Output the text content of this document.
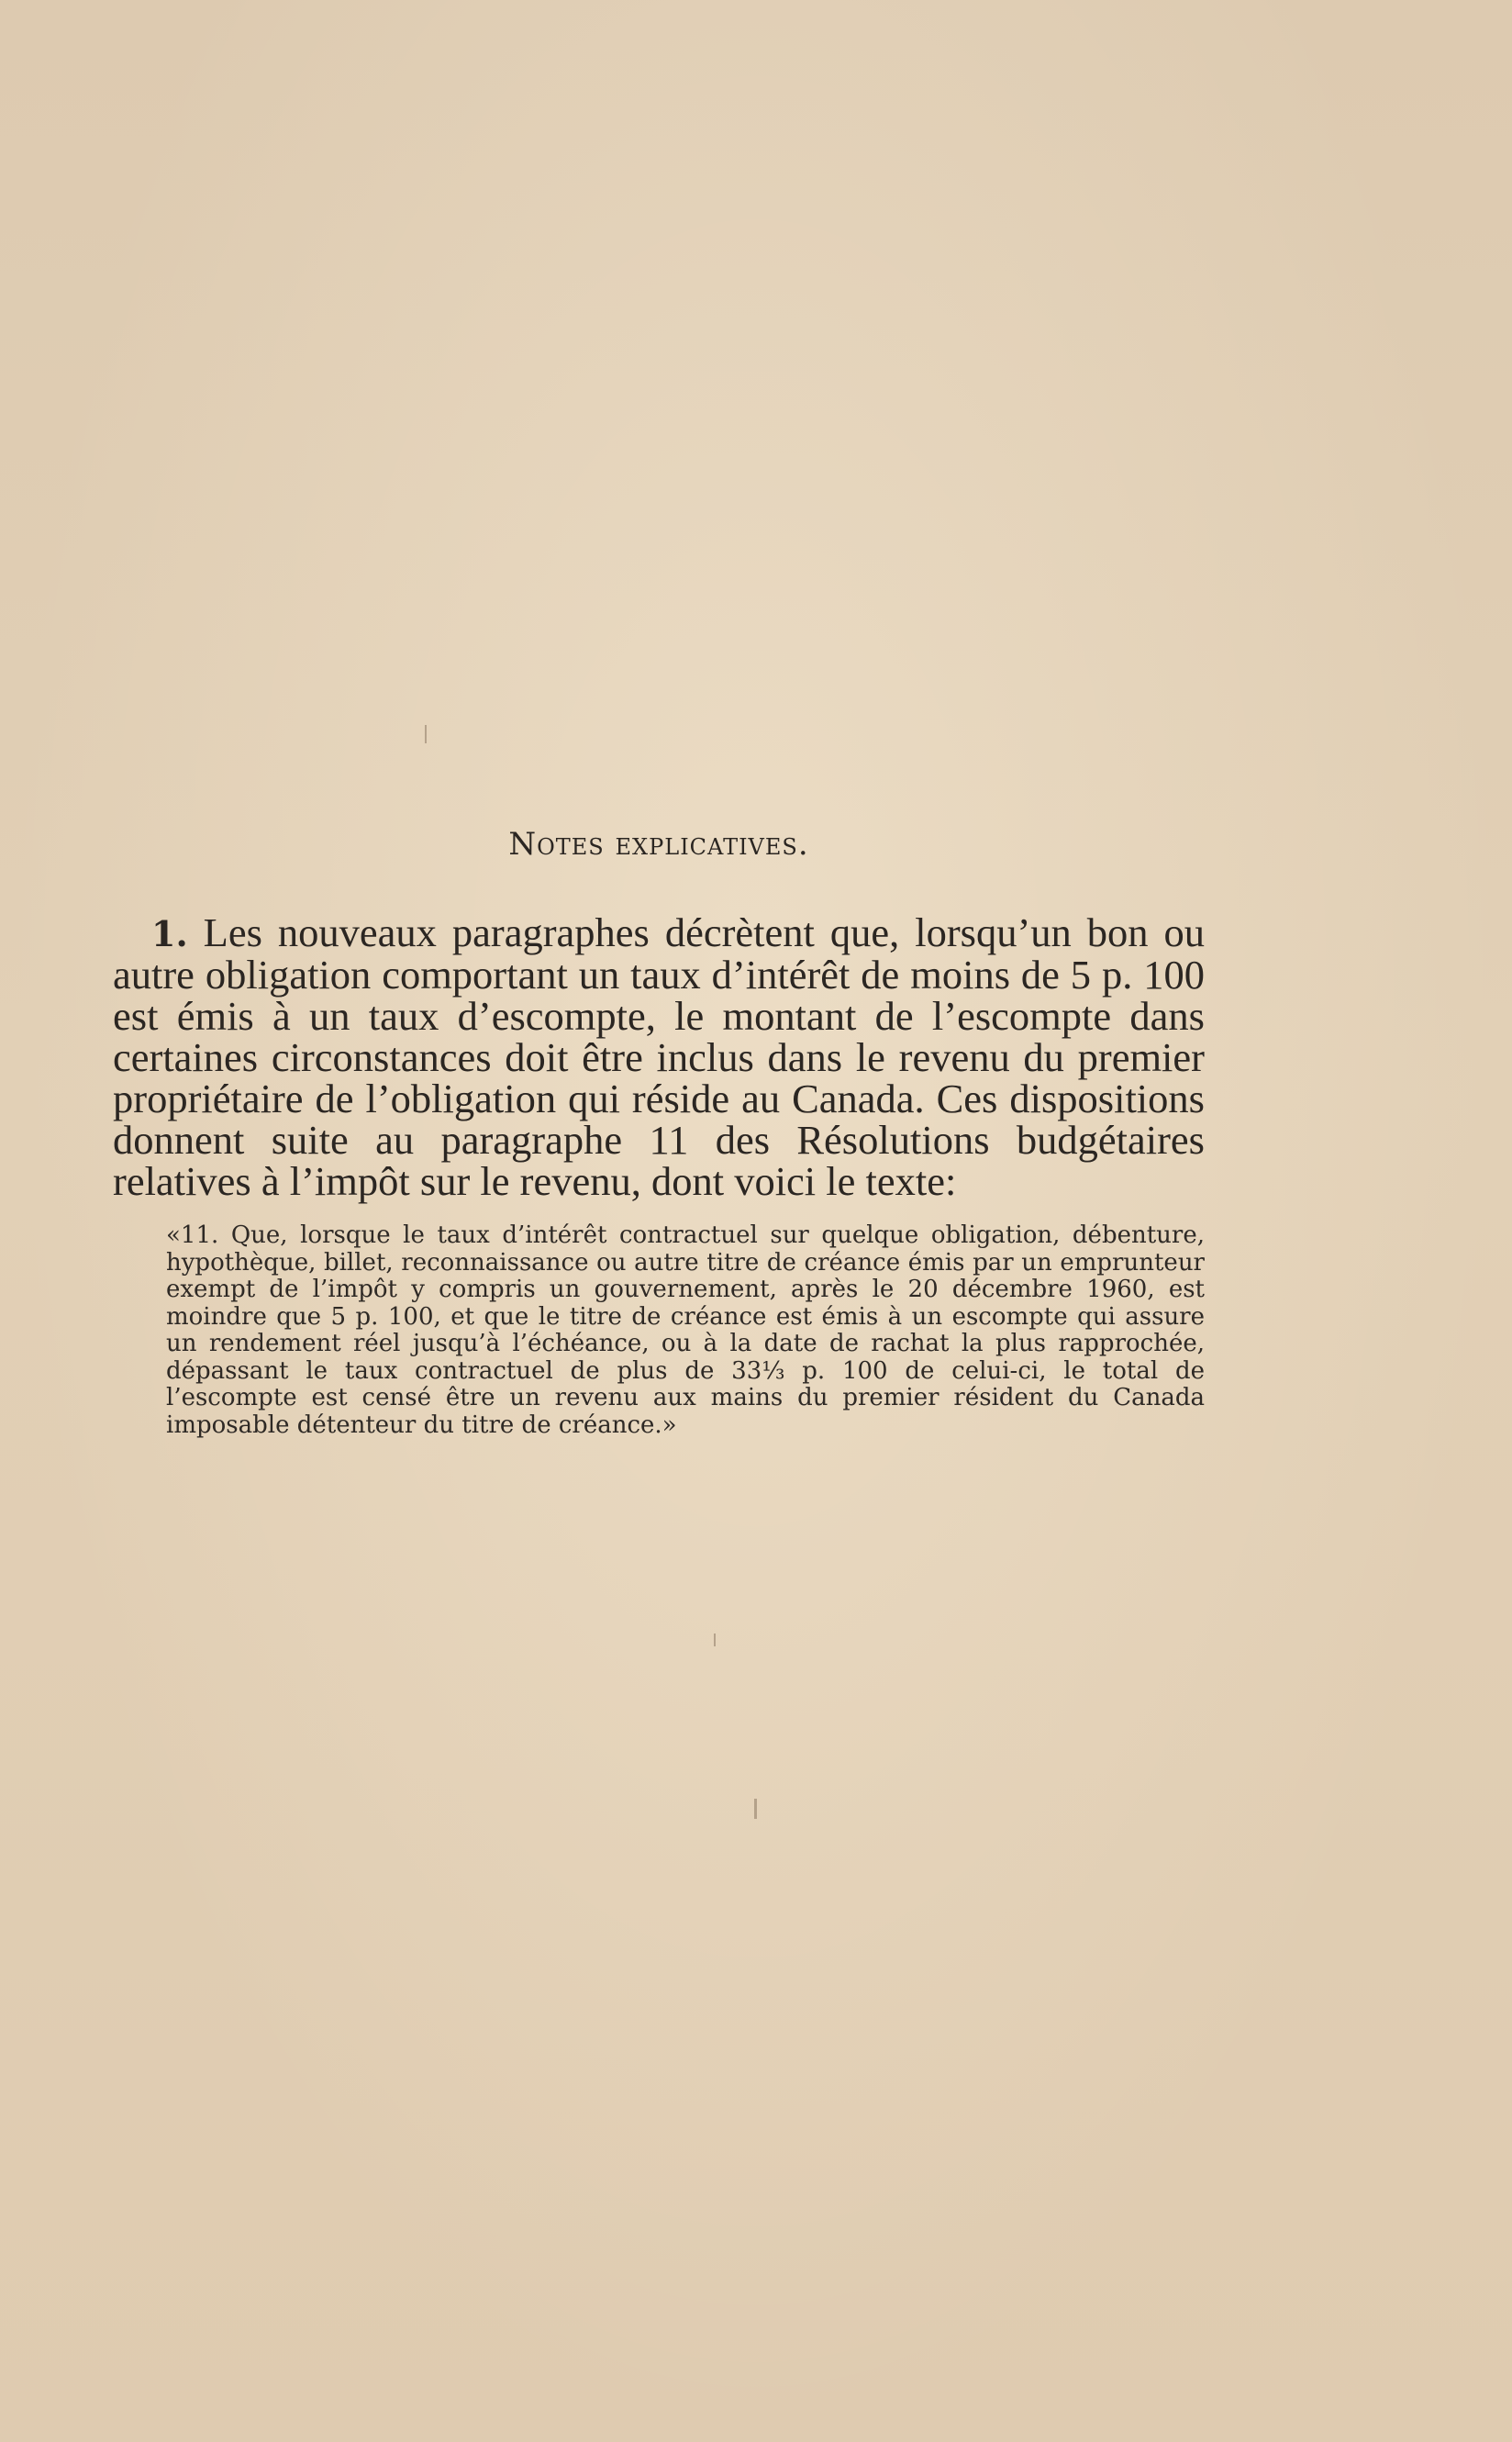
Notes explicatives.

1. Les nouveaux paragraphes décrètent que, lorsqu’un bon ou autre obligation comportant un taux d’intérêt de moins de 5 p. 100 est émis à un taux d’escompte, le montant de l’escompte dans certaines circonstances doit être inclus dans le revenu du premier propriétaire de l’obligation qui réside au Canada. Ces dispositions donnent suite au paragraphe 11 des Résolutions budgétaires relatives à l’impôt sur le revenu, dont voici le texte:

«11. Que, lorsque le taux d’intérêt contractuel sur quelque obligation, débenture, hypothèque, billet, reconnaissance ou autre titre de créance émis par un emprunteur exempt de l’impôt y compris un gouvernement, après le 20 décembre 1960, est moindre que 5 p. 100, et que le titre de créance est émis à un escompte qui assure un rendement réel jusqu’à l’échéance, ou à la date de rachat la plus rapprochée, dépassant le taux contractuel de plus de 33⅓ p. 100 de celui-ci, le total de l’escompte est censé être un revenu aux mains du premier résident du Canada imposable détenteur du titre de créance.»
